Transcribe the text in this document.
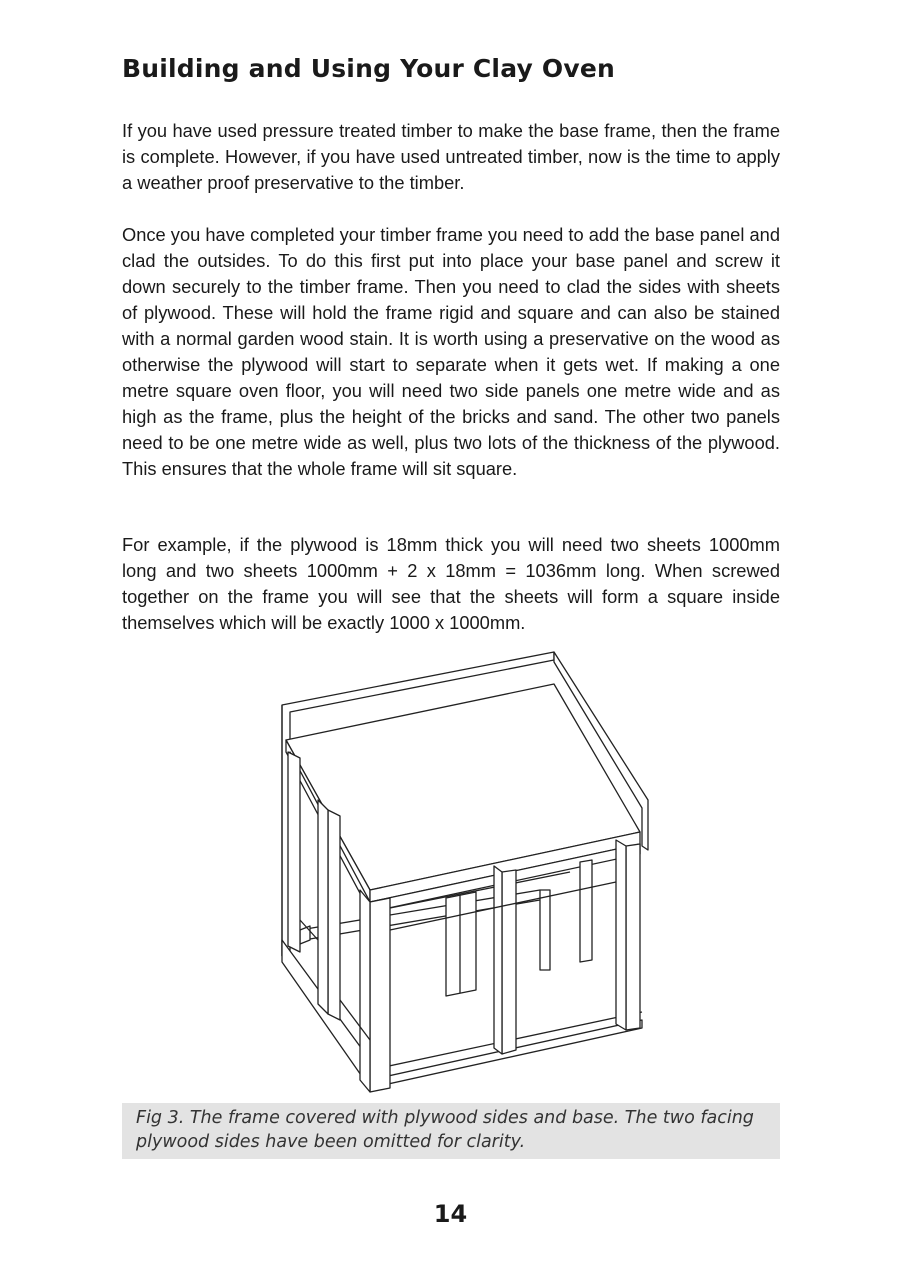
Building and Using Your Clay Oven

If you have used pressure treated timber to make the base frame, then the frame is complete. However, if you have used untreated timber, now is the time to apply a weather proof preservative to the timber.

Once you have completed your timber frame you need to add the base panel and clad the outsides. To do this first put into place your base panel and screw it down securely to the timber frame. Then you need to clad the sides with sheets of plywood. These will hold the frame rigid and square and can also be stained with a normal garden wood stain. It is worth using a preservative on the wood as otherwise the plywood will start to separate when it gets wet. If making a one metre square oven floor, you will need two side panels one metre wide and as high as the frame, plus the height of the bricks and sand. The other two panels need to be one metre wide as well, plus two lots of the thickness of the plywood. This ensures that the whole frame will sit square.

For example, if the plywood is 18mm thick you will need two sheets 1000mm long and two sheets 1000mm + 2 x 18mm = 1036mm long. When screwed together on the frame you will see that the sheets will form a square inside themselves which will be exactly 1000 x 1000mm.

Fig 3. The frame covered with plywood sides and base. The two facing plywood sides have been omitted for clarity.
14
